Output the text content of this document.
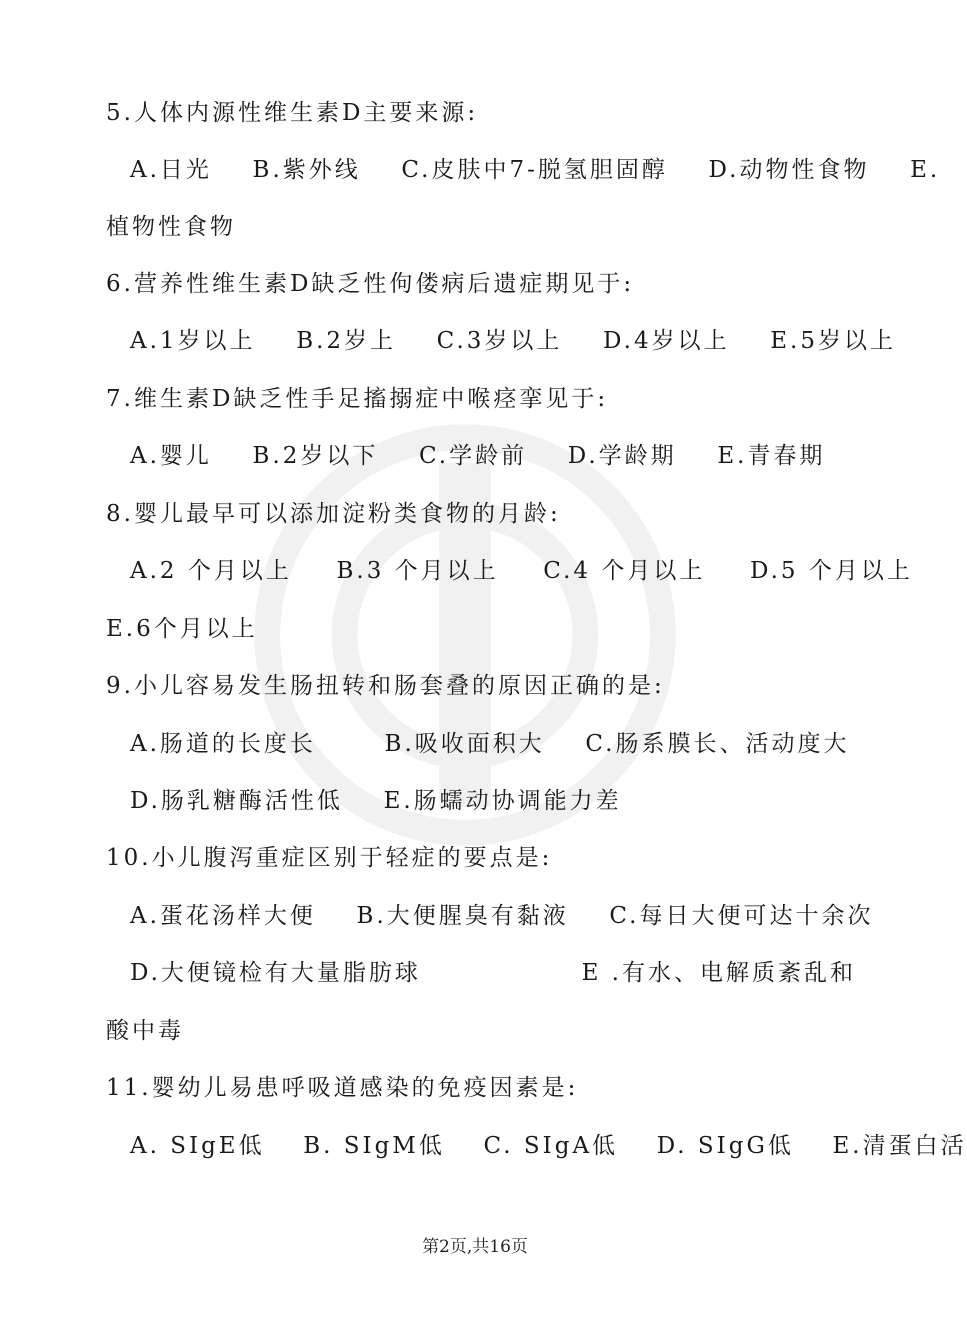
5.人体内源性维生素D主要来源:
A.日光 B.紫外线 C.皮肤中7-脱氢胆固醇 D.动物性食物 E.
植物性食物
6.营养性维生素D缺乏性佝偻病后遗症期见于:
A.1岁以上 B.2岁上 C.3岁以上 D.4岁以上 E.5岁以上
7.维生素D缺乏性手足搐搦症中喉痉挛见于:
A.婴儿 B.2岁以下 C.学龄前 D.学龄期 E.青春期
8.婴儿最早可以添加淀粉类食物的月龄:
A.2 个月以上 B.3 个月以上 C.4 个月以上 D.5 个月以上
E.6个月以上
9.小儿容易发生肠扭转和肠套叠的原因正确的是:
A.肠道的长度长	B.吸收面积大 C.肠系膜长、活动度大
D.肠乳糖酶活性低 E.肠蠕动协调能力差
10.小儿腹泻重症区别于轻症的要点是:
A.蛋花汤样大便 B.大便腥臭有黏液 C.每日大便可达十余次
D.大便镜检有大量脂肪球	E .有水、电解质紊乱和
酸中毒
11.婴幼儿易患呼吸道感染的免疫因素是:
A. SIgE低 B. SIgM低 C. SIgA低 D. SIgG低 E.清蛋白活
第2页,共16页
